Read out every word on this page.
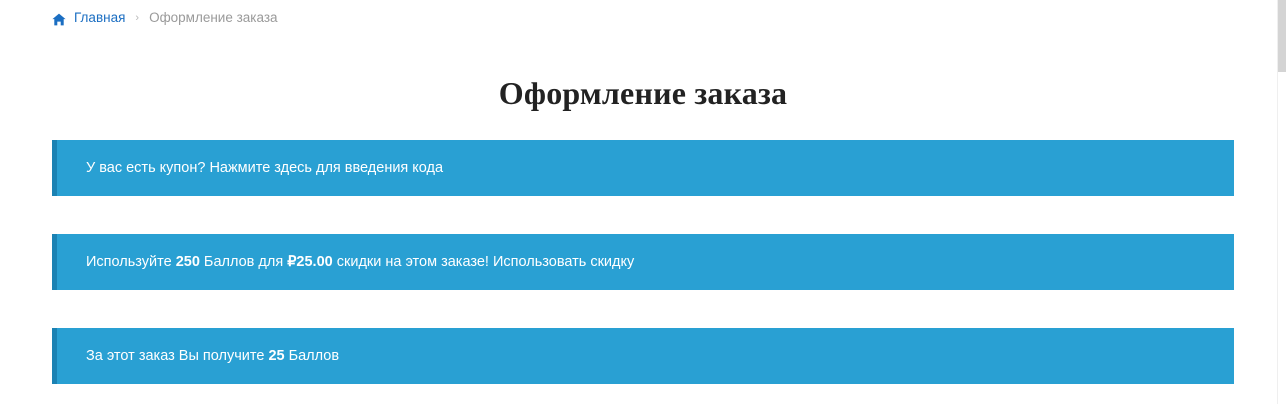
Главная › Оформление заказа
Оформление заказа
У вас есть купон? Нажмите здесь для введения кода
Используйте 250 Баллов для ₽25.00 скидки на этом заказе! Использовать скидку
За этот заказ Вы получите 25 Баллов
